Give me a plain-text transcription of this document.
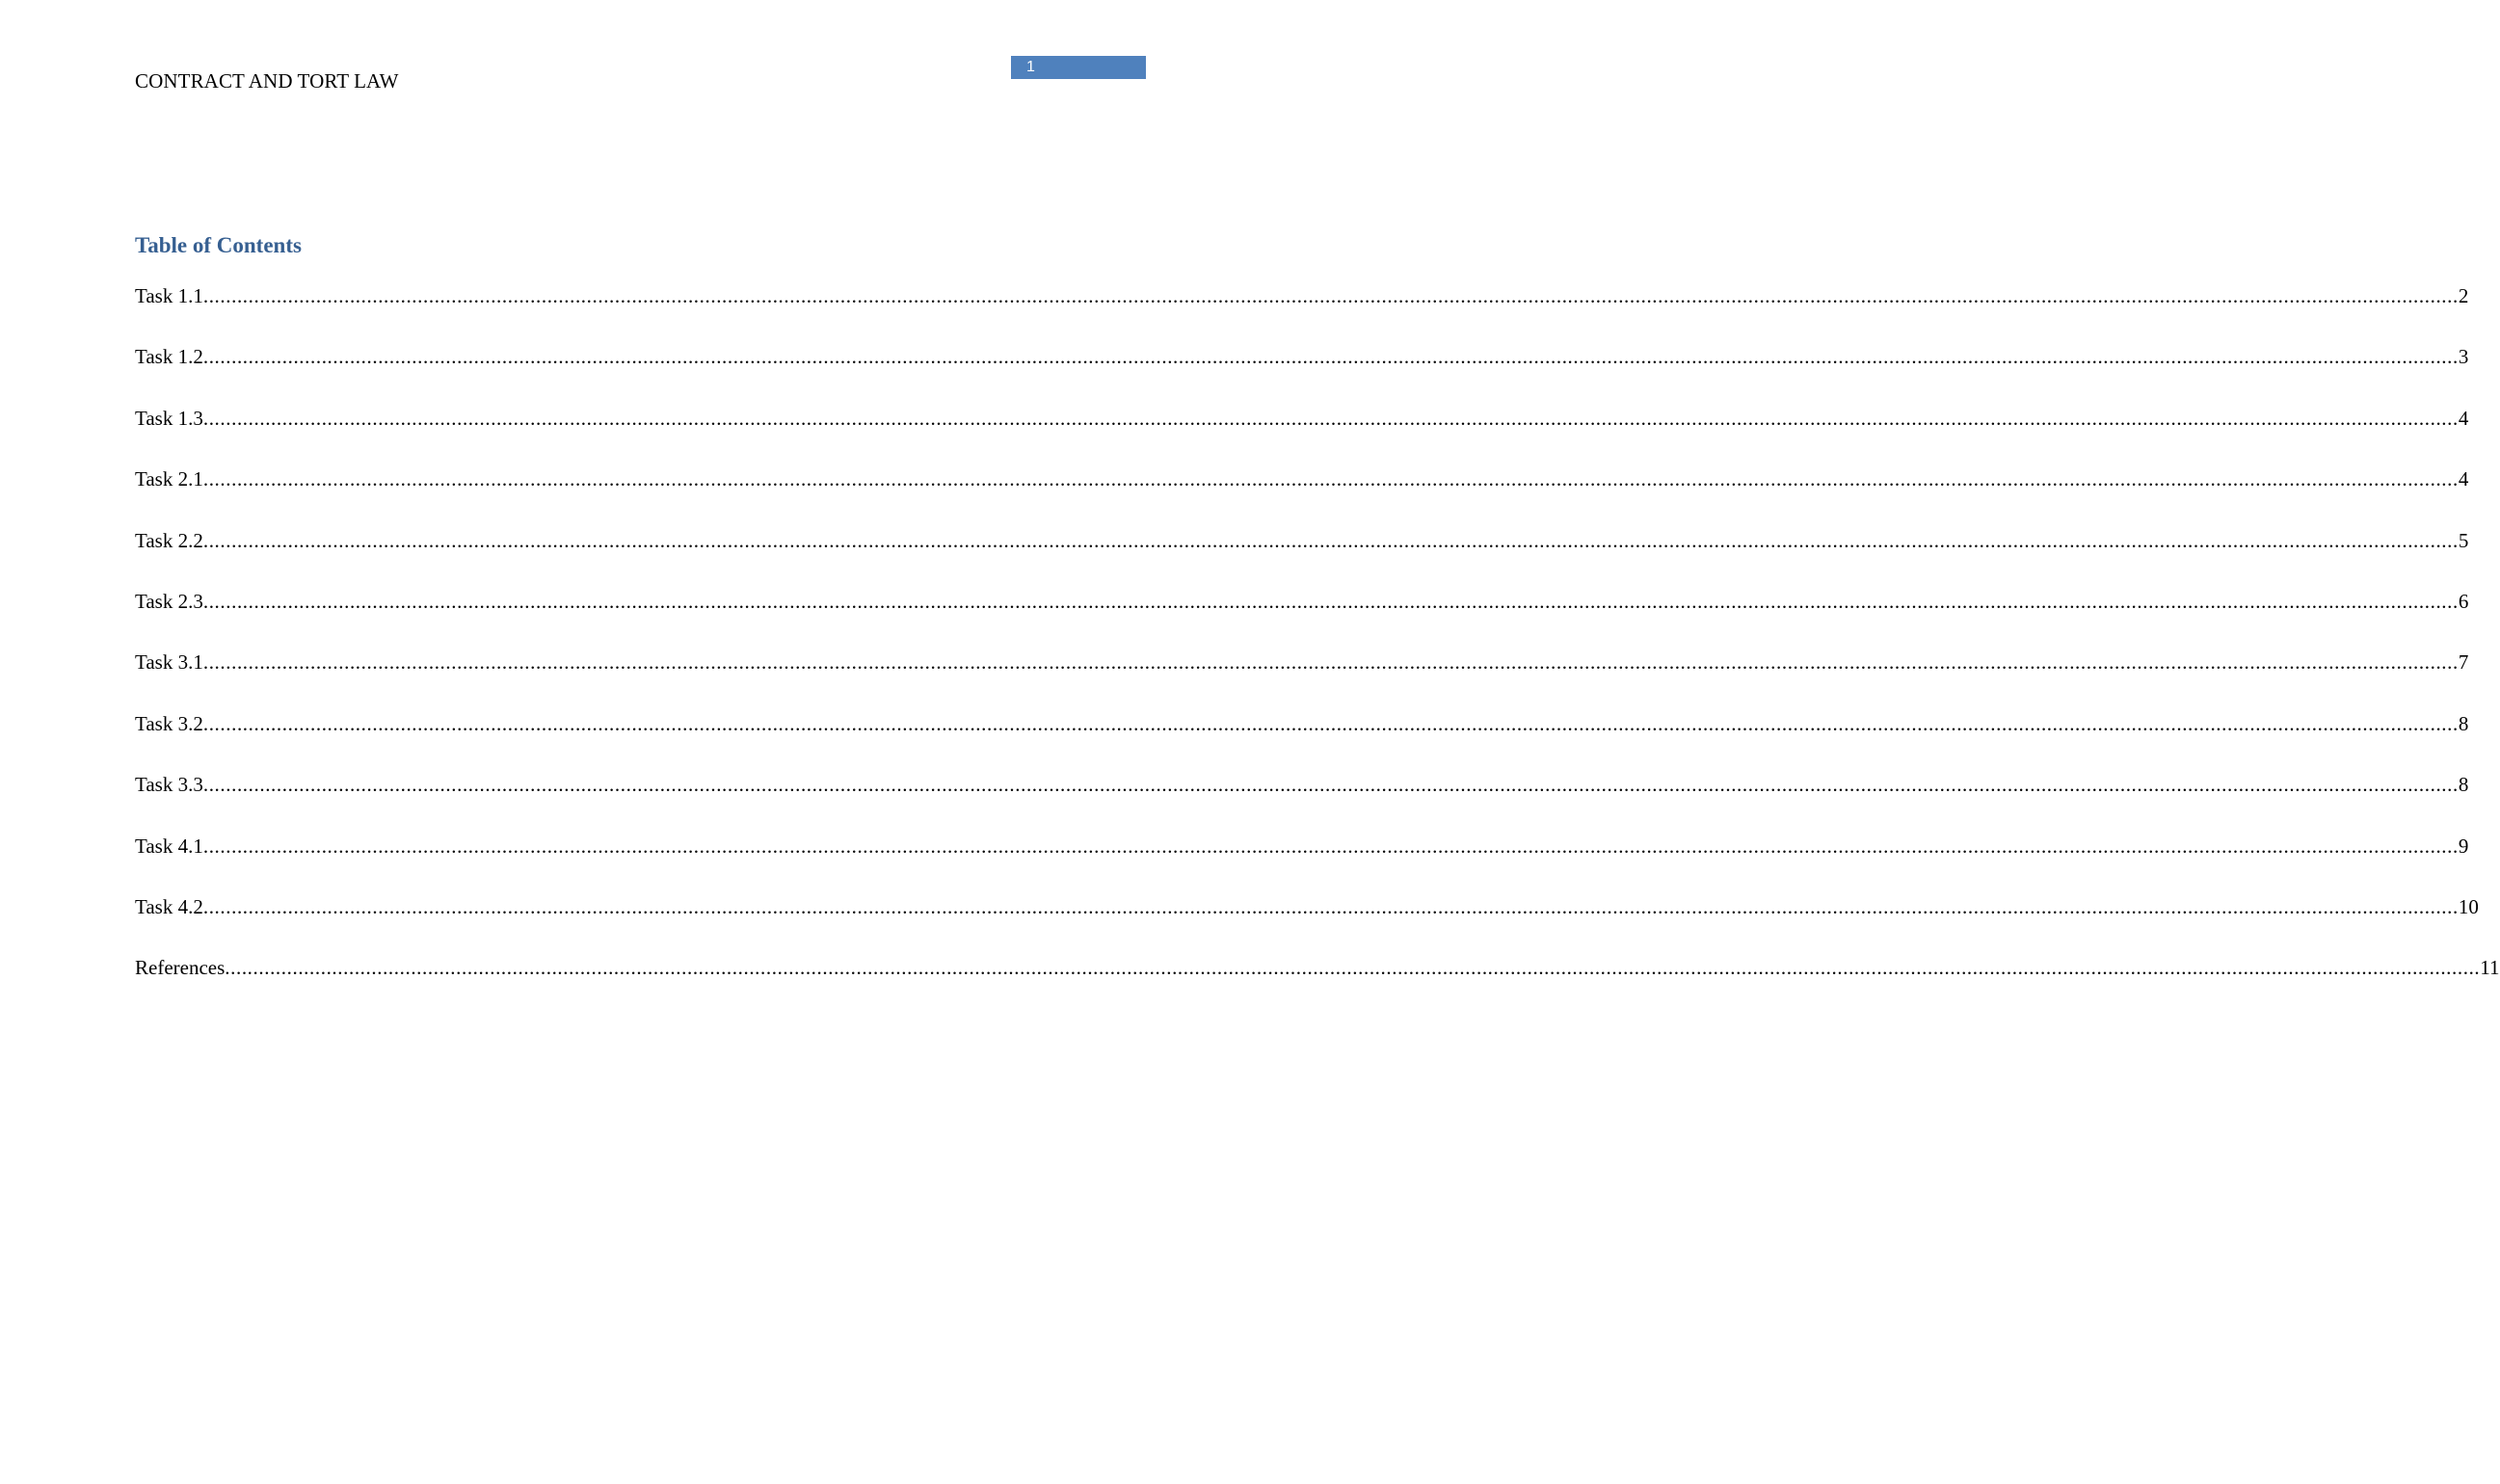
1
CONTRACT AND TORT LAW
Table of Contents
Task 1.1 ................................................................................................................................................................................................................................................................................................................................................................................................................ 2
Task 1.2 ................................................................................................................................................................................................................................................................................................................................................................................................................ 3
Task 1.3 ................................................................................................................................................................................................................................................................................................................................................................................................................ 4
Task 2.1 ................................................................................................................................................................................................................................................................................................................................................................................................................ 4
Task 2.2 ................................................................................................................................................................................................................................................................................................................................................................................................................ 5
Task 2.3 ................................................................................................................................................................................................................................................................................................................................................................................................................ 6
Task 3.1 ................................................................................................................................................................................................................................................................................................................................................................................................................ 7
Task 3.2 ................................................................................................................................................................................................................................................................................................................................................................................................................ 8
Task 3.3 ................................................................................................................................................................................................................................................................................................................................................................................................................ 8
Task 4.1 ................................................................................................................................................................................................................................................................................................................................................................................................................ 9
Task 4.2 ................................................................................................................................................................................................................................................................................................................................................................................................................ 10
References ................................................................................................................................................................................................................................................................................................................................................................................................................ 11
